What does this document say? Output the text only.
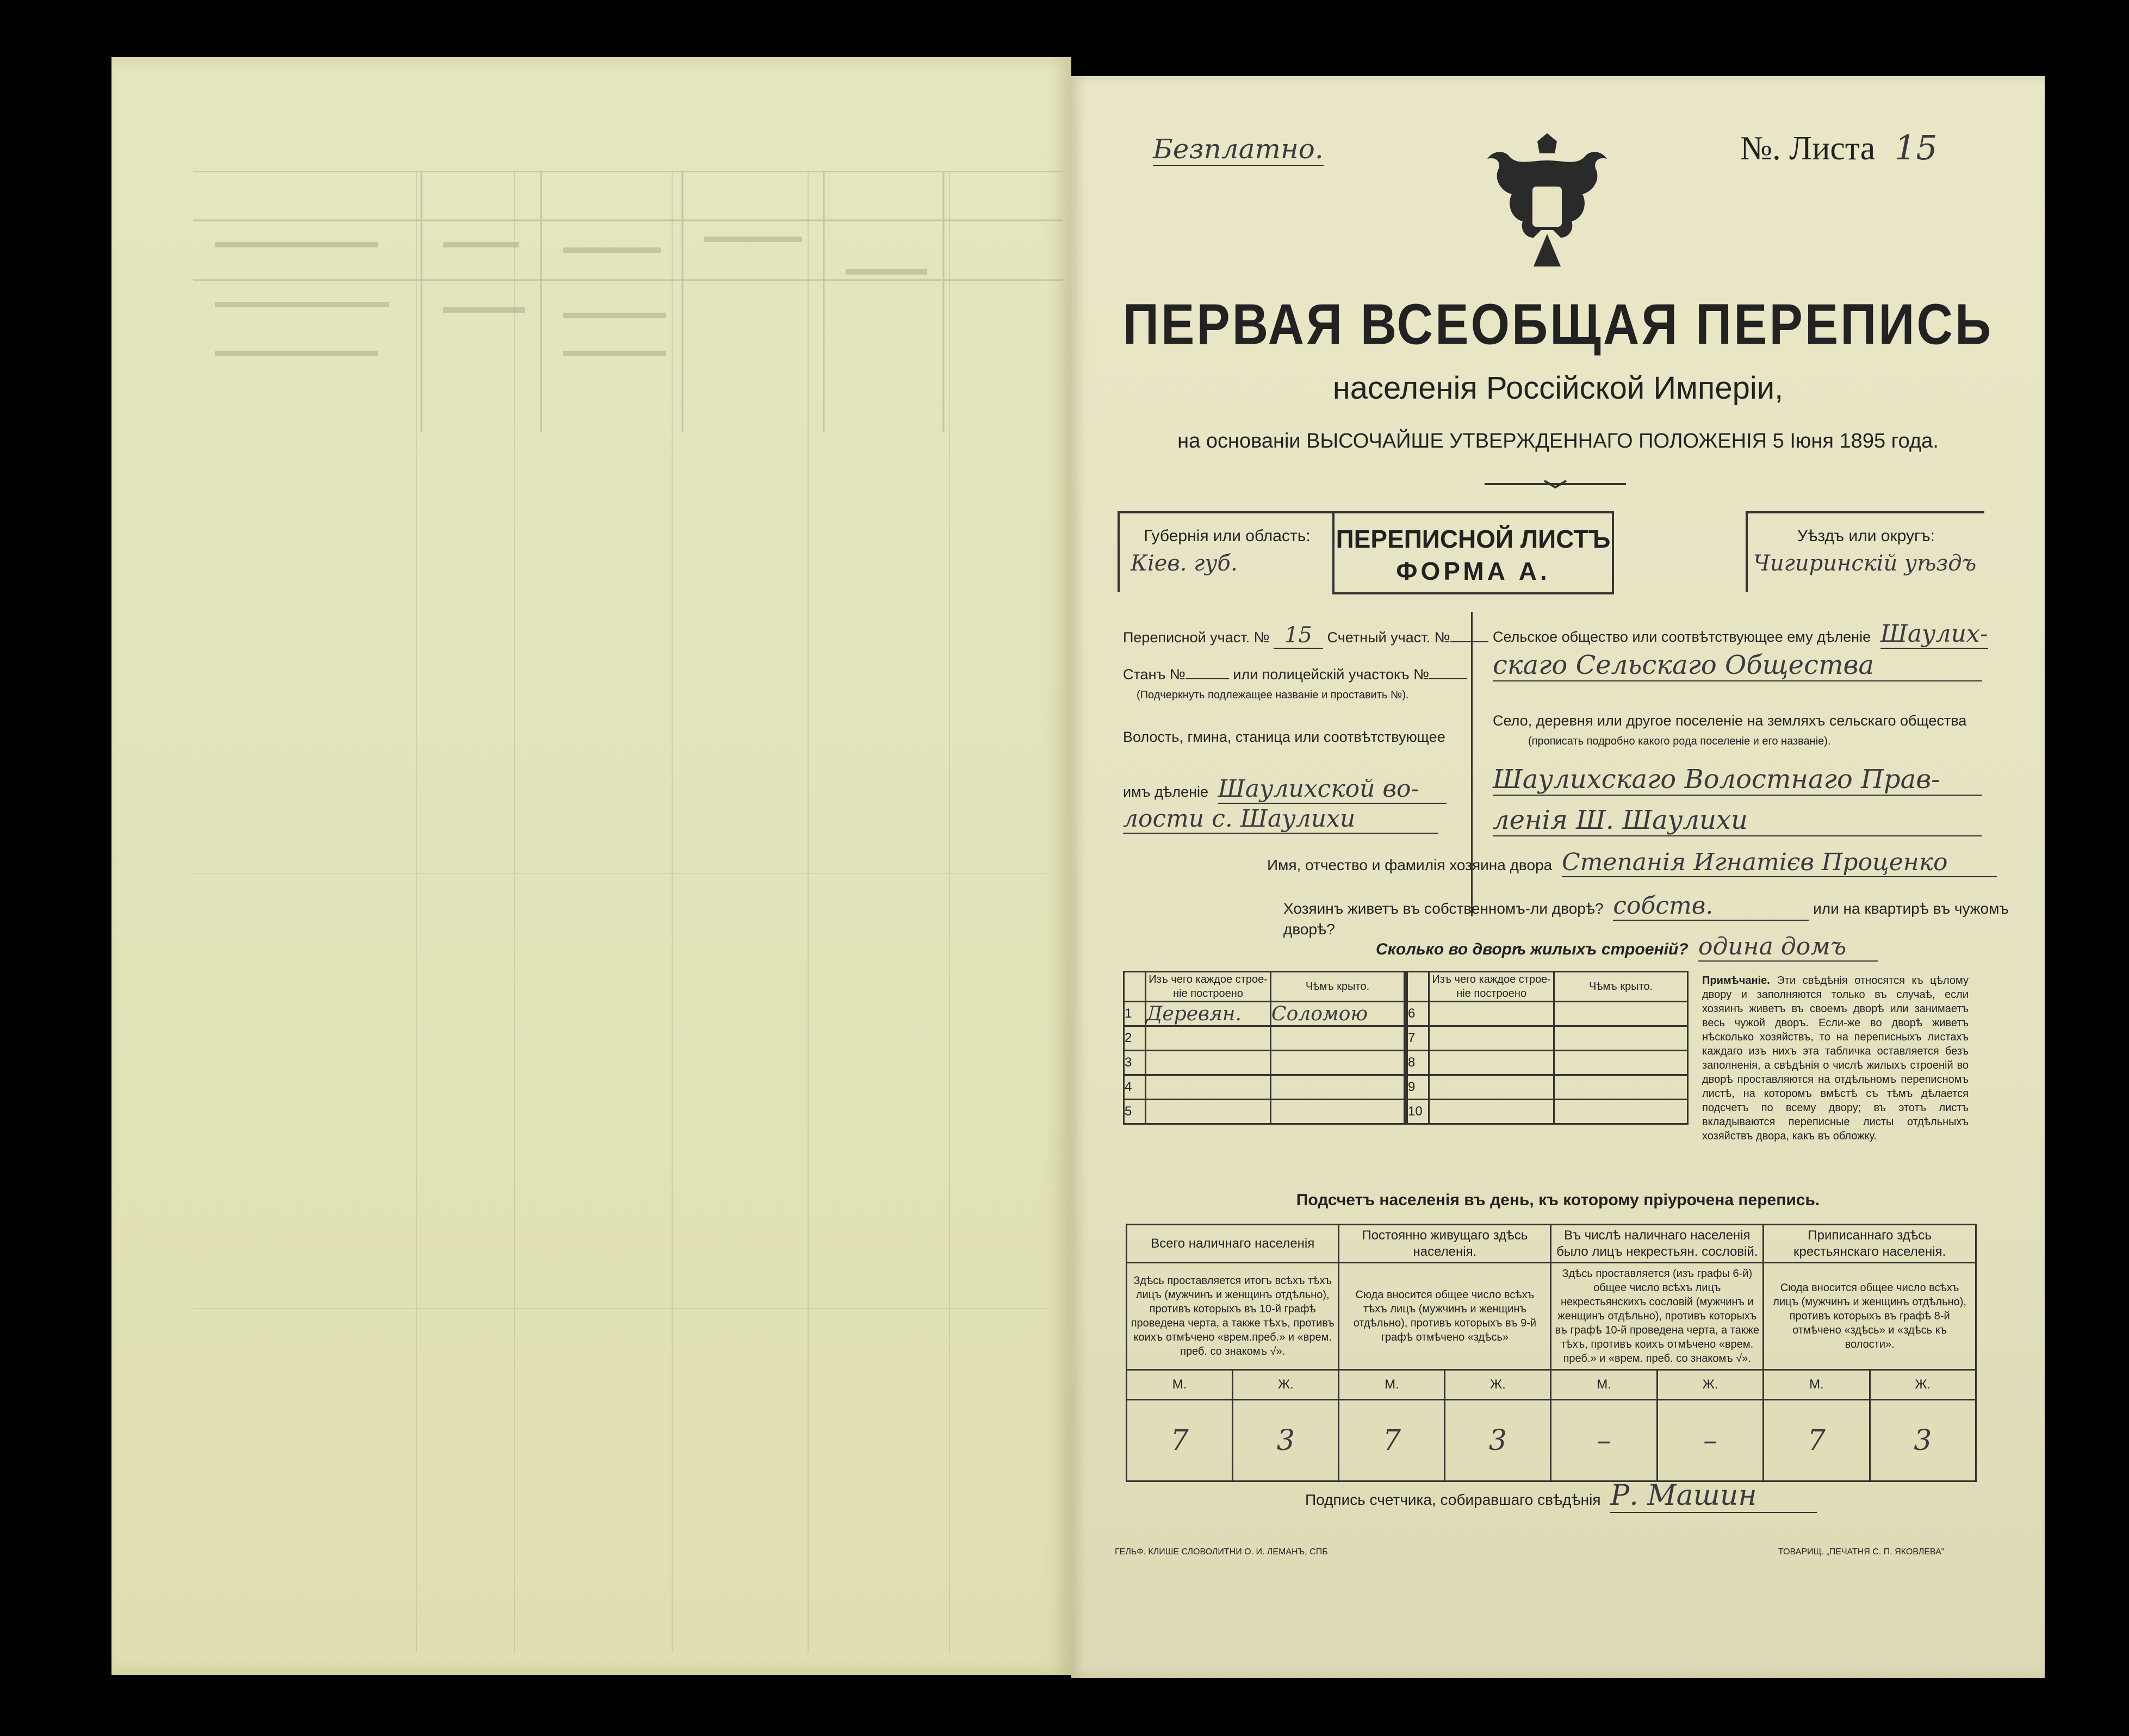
Безплатно.	№. Листа 15
ПЕРВАЯ ВСЕОБЩАЯ ПЕРЕПИСЬ
населенія Россійской Имперіи,
на основаніи ВЫСОЧАЙШЕ УТВЕРЖДЕННАГО ПОЛОЖЕНІЯ 5 Іюня 1895 года.
Губернія или область:
Кіев. губ.
ПЕРЕПИСНОЙ ЛИСТЪ
ФОРМА А.
Уѣздъ или округъ:
Чигиринскій уѣздъ
Переписной участ. № 15 Счетный участ. №
Станъ №	или полицейскій участокъ №
(Подчеркнуть подлежащее названіе и проставить №).
Волость, гмина, станица или соотвѣтствующее
имъ дѣленіе Шаулихской во-
лости с. Шаулихи
Сельское общество или соотвѣтствующее ему дѣленіе Шаулих-
скаго Сельскаго Общества
Село, деревня или другое поселеніе на земляхъ сельскаго общества
(прописать подробно какого рода поселеніе и его названіе).
Шаулихскаго Волостнаго Прав-
ленія Ш. Шаулихи
Имя, отчество и фамилія хозяина двора Степанія Игнатієв Проценко
Хозяинъ живетъ въ собственномъ-ли дворѣ? собств.	или на квартирѣ въ чужомъ дворѣ?
Сколько во дворѣ жилыхъ строеній? одина домъ
	Изъ чего каждое строе-ніе построено	Чѣмъ крыто.		Изъ чего каждое строе-ніе построено	Чѣмъ крыто.
1	Деревян.	Соломою	6		
2			7		
3			8		
4			9		
5			10		
Примѣчаніе. Эти свѣдѣнія относятся къ цѣлому двору и заполняются только въ случаѣ, если хозяинъ живетъ въ своемъ дворѣ или занимаетъ весь чужой дворъ. Если-же во дворѣ живетъ нѣсколько хозяйствъ, то на переписныхъ листахъ каждаго изъ нихъ эта табличка оставляется безъ заполненія, а свѣдѣнія о числѣ жилыхъ строеній во дворѣ проставляются на отдѣльномъ переписномъ листѣ, на которомъ вмѣстѣ съ тѣмъ дѣлается подсчетъ по всему двору; въ этотъ листъ вкладываются переписные листы отдѣльныхъ хозяйствъ двора, какъ въ обложку.
Подсчетъ населенія въ день, къ которому пріурочена перепись.
Всего наличнаго населенія		Постоянно живущаго здѣсь населенія.		Въ числѣ наличнаго населенія было лицъ некрестьян. сословій.		Приписаннаго здѣсь крестьянскаго населенія.	
Здѣсь проставляется итогъ всѣхъ тѣхъ лицъ (мужчинъ и женщинъ отдѣльно), противъ которыхъ въ 10-й графѣ проведена черта, а также тѣхъ, противъ коихъ отмѣчено «врем.преб.» и «врем. преб. со знакомъ √».		Сюда вносится общее число всѣхъ тѣхъ лицъ (мужчинъ и женщинъ отдѣльно), противъ которыхъ въ 9-й графѣ отмѣчено «здѣсь»		Здѣсь проставляется (изъ графы 6-й) общее число всѣхъ лицъ некрестьянскихъ сословій (мужчинъ и женщинъ отдѣльно), противъ которыхъ въ графѣ 10-й проведена черта, а также тѣхъ, противъ коихъ отмѣчено «врем. преб.» и «врем. преб. со знакомъ √».		Сюда вносится общее число всѣхъ лицъ (мужчинъ и женщинъ отдѣльно), противъ которыхъ въ графѣ 8-й отмѣчено «здѣсь» и «здѣсь къ волости».	
М.	Ж.	М.	Ж.	М.	Ж.	М.	Ж.
7	3	7	3	–	–	7	3
Подпись счетчика, собиравшаго свѣдѣнія Р. Машин
ГЕЛЬФ. КЛИШЕ СЛОВОЛИТНИ О. И. ЛЕМАНЪ, СПБ	ТОВАРИЩ. „ПЕЧАТНЯ С. П. ЯКОВЛЕВА"
